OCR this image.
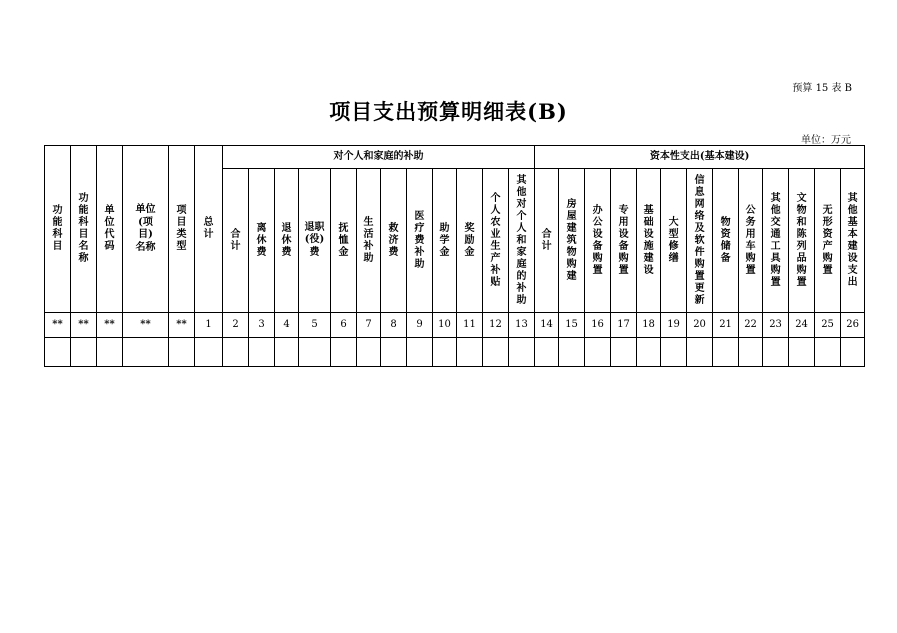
预算 15 表 B
项目支出预算明细表(B)
单位：万元
功能科目	功能科目名称	单位代码	单位(项目)名称	项目类型	总计	对个人和家庭的补助												资本性支出(基本建设)												
						合计	离休费	退休费	退职(役)费	抚恤金	生活补助	救济费	医疗费补助	助学金	奖励金	个人农业生产补贴	其他对个人和家庭的补助	合计	房屋建筑物购建	办公设备购置	专用设备购置	基础设施建设	大型修缮	信息网络及软件购置更新	物资储备	公务用车购置	其他交通工具购置	文物和陈列品购置	无形资产购置	其他基本建设支出
**	**	**	**	**	1	2	3	4	5	6	7	8	9	10	11	12	13	14	15	16	17	18	19	20	21	22	23	24	25	26
